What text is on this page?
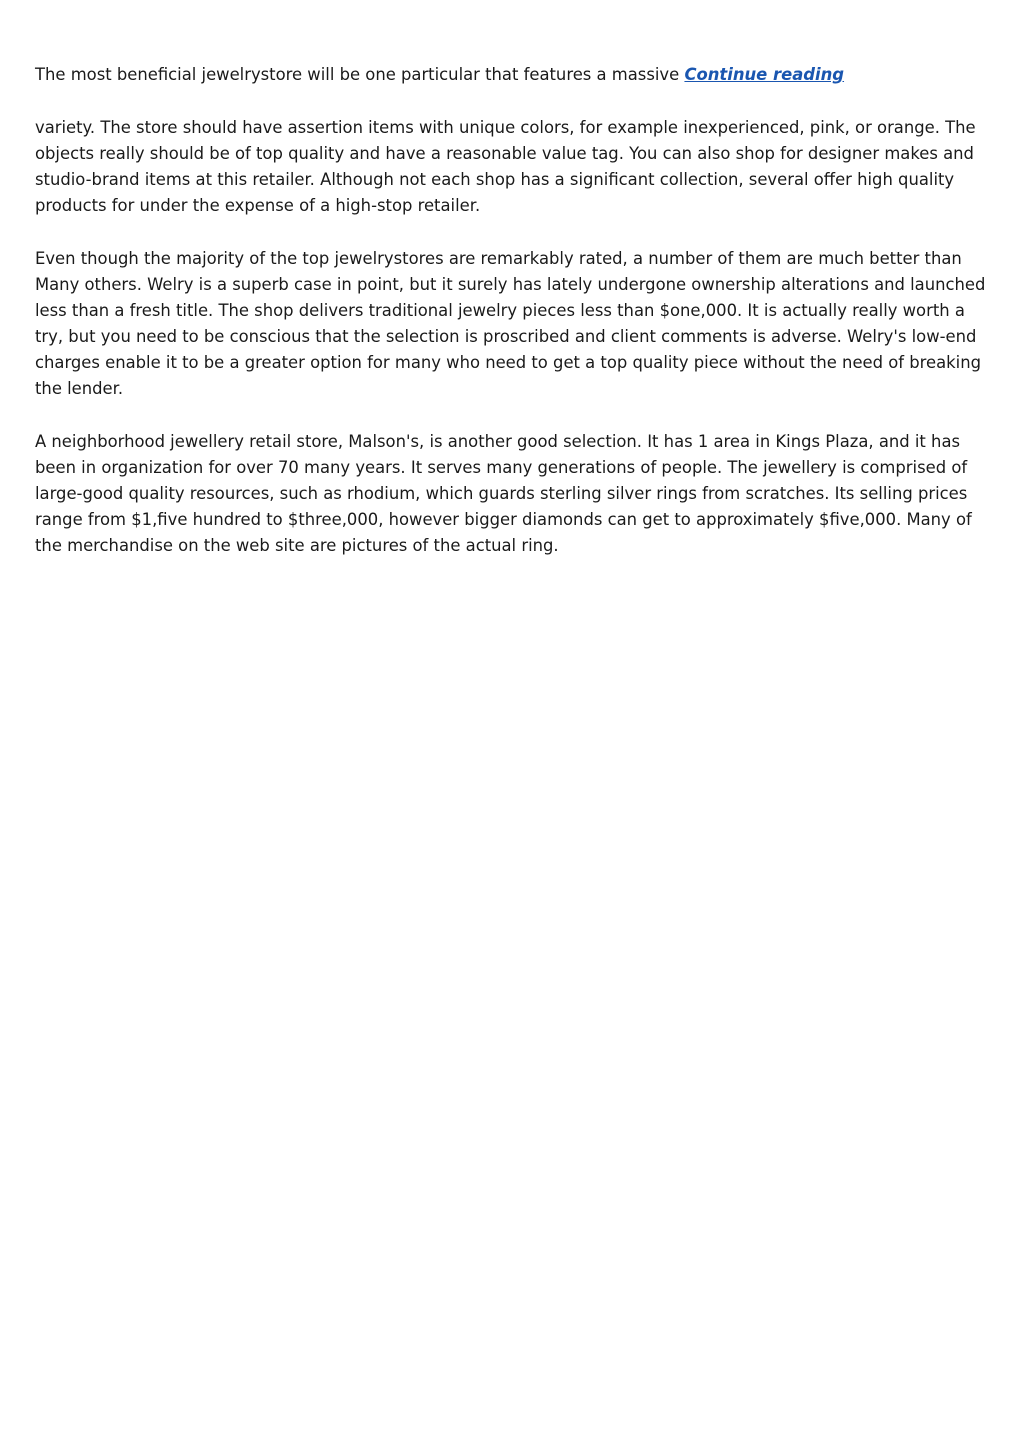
The most beneficial jewelrystore will be one particular that features a massive Continue reading

variety. The store should have assertion items with unique colors, for example inexperienced, pink, or orange. The objects really should be of top quality and have a reasonable value tag. You can also shop for designer makes and studio-brand items at this retailer. Although not each shop has a significant collection, several offer high quality products for under the expense of a high-stop retailer.

Even though the majority of the top jewelrystores are remarkably rated, a number of them are much better than Many others. Welry is a superb case in point, but it surely has lately undergone ownership alterations and launched less than a fresh title. The shop delivers traditional jewelry pieces less than $one,000. It is actually really worth a try, but you need to be conscious that the selection is proscribed and client comments is adverse. Welry's low-end charges enable it to be a greater option for many who need to get a top quality piece without the need of breaking the lender.

A neighborhood jewellery retail store, Malson's, is another good selection. It has 1 area in Kings Plaza, and it has been in organization for over 70 many years. It serves many generations of people. The jewellery is comprised of large-good quality resources, such as rhodium, which guards sterling silver rings from scratches. Its selling prices range from $1,five hundred to $three,000, however bigger diamonds can get to approximately $five,000. Many of the merchandise on the web site are pictures of the actual ring.
